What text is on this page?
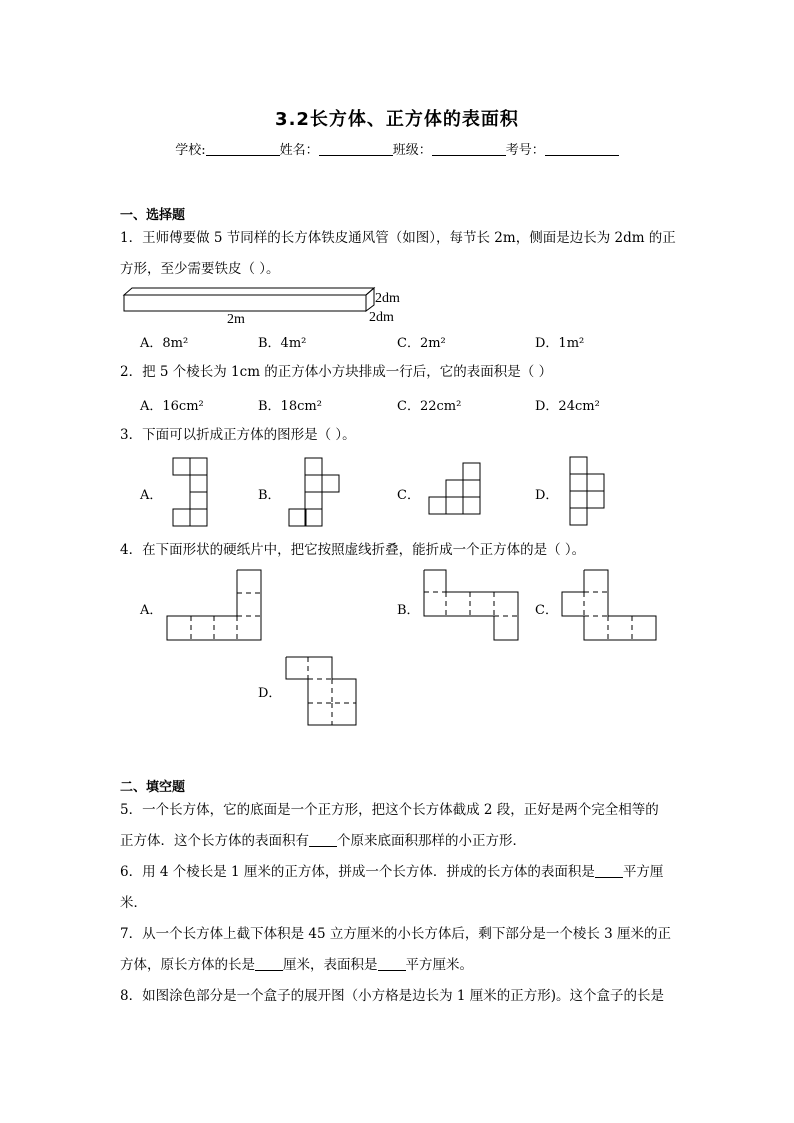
3.2长方体、正方体的表面积
学校:	姓名：	班级：	考号：
一、选择题
1．王师傅要做 5 节同样的长方体铁皮通风管（如图），每节长 2m，侧面是边长为 2dm 的正
方形，至少需要铁皮（ ）。
2dm
2m	2dm
A．8m²	B．4m²	C．2m²	D．1m²
2．把 5 个棱长为 1cm 的正方体小方块排成一行后，它的表面积是（ ）
A．16cm²	B．18cm²	C．22cm²	D．24cm²
3．下面可以折成正方体的图形是（ ）。
A．	B．	C．	D．
4．在下面形状的硬纸片中，把它按照虚线折叠，能折成一个正方体的是（ ）。
A．	B．	C．
D．
二、填空题
5．一个长方体，它的底面是一个正方形，把这个长方体截成 2 段，正好是两个完全相等的
正方体．这个长方体的表面积有 个原来底面积那样的小正方形．
6．用 4 个棱长是 1 厘米的正方体，拼成一个长方体．拼成的长方体的表面积是 平方厘
米．
7．从一个长方体上截下体积是 45 立方厘米的小长方体后，剩下部分是一个棱长 3 厘米的正
方体，原长方体的长是 厘米，表面积是 平方厘米。
8．如图涂色部分是一个盒子的展开图（小方格是边长为 1 厘米的正方形)。这个盒子的长是
